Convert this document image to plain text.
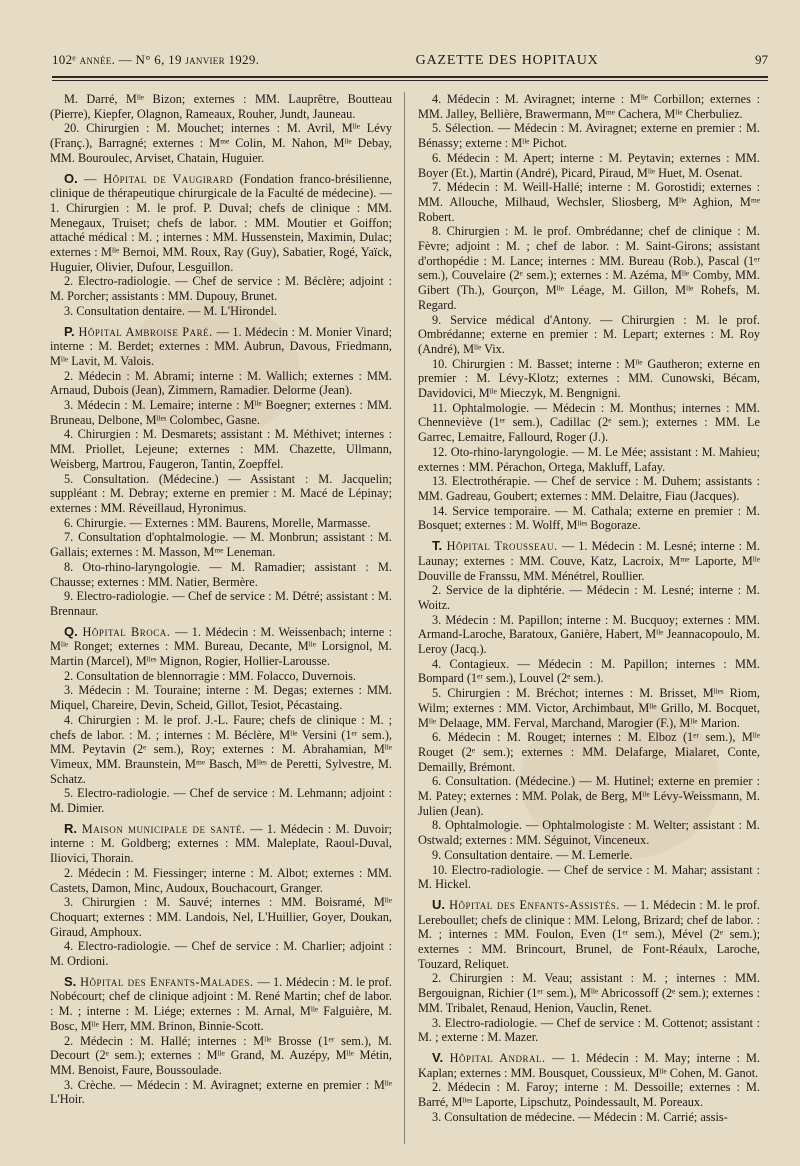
102ᵉ année. — N° 6, 19 janvier 1929.	GAZETTE DES HOPITAUX	97

M. Darré, Mˡˡᵉ Bizon; externes : MM. Lauprêtre, Boutteau (Pierre), Kiepfer, Olagnon, Rameaux, Rouher, Jundt, Jauneau.

20. Chirurgien : M. Mouchet; internes : M. Avril, Mˡˡᵉ Lévy (Franç.), Barragné; externes : Mᵐᵉ Colin, M. Nahon, Mˡˡᵉ Debay, MM. Bouroulec, Arviset, Chatain, Huguier.

O. — Hôpital de Vaugirard (Fondation franco-brésilienne, clinique de thérapeutique chirurgicale de la Faculté de médecine). — 1. Chirurgien : M. le prof. P. Duval; chefs de clinique : MM. Menegaux, Truiset; chefs de labor. : MM. Moutier et Goiffon; attaché médical : M. ; internes : MM. Hussenstein, Maximin, Dulac; externes : Mˡˡᵉ Bernoi, MM. Roux, Ray (Guy), Sabatier, Rogé, Yaïck, Huguier, Olivier, Dufour, Lesguillon.

2. Electro-radiologie. — Chef de service : M. Béclère; adjoint : M. Porcher; assistants : MM. Dupouy, Brunet.

3. Consultation dentaire. — M. L'Hirondel.

P. Hôpital Ambroise Paré. — 1. Médecin : M. Monier Vinard; interne : M. Berdet; externes : MM. Aubrun, Davous, Friedmann, Mˡˡᵉ Lavit, M. Valois.

2. Médecin : M. Abrami; interne : M. Wallich; externes : MM. Arnaud, Dubois (Jean), Zimmern, Ramadier. Delorme (Jean).

3. Médecin : M. Lemaire; interne : Mˡˡᵉ Boegner; externes : MM. Bruneau, Delbone, Mˡˡᵉˢ Colombec, Gasne.

4. Chirurgien : M. Desmarets; assistant : M. Méthivet; internes : MM. Priollet, Lejeune; externes : MM. Chazette, Ullmann, Weisberg, Martrou, Faugeron, Tantin, Zoepffel.

5. Consultation. (Médecine.) — Assistant : M. Jacquelin; suppléant : M. Debray; externe en premier : M. Macé de Lépinay; externes : MM. Réveillaud, Hyronimus.

6. Chirurgie. — Externes : MM. Baurens, Morelle, Marmasse.

7. Consultation d'ophtalmologie. — M. Monbrun; assistant : M. Gallais; externes : M. Masson, Mᵐᵉ Leneman.

8. Oto-rhino-laryngologie. — M. Ramadier; assistant : M. Chausse; externes : MM. Natier, Bermère.

9. Electro-radiologie. — Chef de service : M. Détré; assistant : M. Brennaur.

Q. Hôpital Broca. — 1. Médecin : M. Weissenbach; interne : Mˡˡᵉ Ronget; externes : MM. Bureau, Decante, Mˡˡᵉ Lorsignol, M. Martin (Marcel), Mˡˡᵉˢ Mignon, Rogier, Hollier-Larousse.

2. Consultation de blennorragie : MM. Folacco, Duvernois.

3. Médecin : M. Touraine; interne : M. Degas; externes : MM. Miquel, Chareire, Devin, Scheid, Gillot, Tesiot, Pécastaing.

4. Chirurgien : M. le prof. J.-L. Faure; chefs de clinique : M. ; chefs de labor. : M. ; internes : M. Béclère, Mˡˡᵉ Versini (1ᵉʳ sem.), MM. Peytavin (2ᵉ sem.), Roy; externes : M. Abrahamian, Mˡˡᵉ Vimeux, MM. Braunstein, Mᵐᵉ Basch, Mˡˡᵉˢ de Peretti, Sylvestre, M. Schatz.

5. Electro-radiologie. — Chef de service : M. Lehmann; adjoint : M. Dimier.

R. Maison municipale de santé. — 1. Médecin : M. Duvoir; interne : M. Goldberg; externes : MM. Maleplate, Raoul-Duval, Iliovici, Thorain.

2. Médecin : M. Fiessinger; interne : M. Albot; externes : MM. Castets, Damon, Minc, Audoux, Bouchacourt, Granger.

3. Chirurgien : M. Sauvé; internes : MM. Boisramé, Mˡˡᵉ Choquart; externes : MM. Landois, Nel, L'Huillier, Goyer, Doukan, Giraud, Amphoux.

4. Electro-radiologie. — Chef de service : M. Charlier; adjoint : M. Ordioni.

S. Hôpital des Enfants-Malades. — 1. Médecin : M. le prof. Nobécourt; chef de clinique adjoint : M. René Martin; chef de labor. : M. ; interne : M. Liége; externes : M. Arnal, Mˡˡᵉ Falguière, M. Bosc, Mˡˡᵉ Herr, MM. Brinon, Binnie-Scott.

2. Médecin : M. Hallé; internes : Mˡˡᵉ Brosse (1ᵉʳ sem.), M. Decourt (2ᵉ sem.); externes : Mˡˡᵉ Grand, M. Auzépy, Mˡˡᵉ Métin, MM. Benoist, Faure, Boussoulade.

3. Crèche. — Médecin : M. Aviragnet; externe en premier : Mˡˡᵉ L'Hoir.

4. Médecin : M. Aviragnet; interne : Mˡˡᵉ Corbillon; externes : MM. Jalley, Bellière, Brawermann, Mᵐᵉ Cachera, Mˡˡᵉ Cherbuliez.

5. Sélection. — Médecin : M. Aviragnet; externe en premier : M. Bénassy; externe : Mˡˡᵉ Pichot.

6. Médecin : M. Apert; interne : M. Peytavin; externes : MM. Boyer (Et.), Martin (André), Picard, Piraud, Mˡˡᵉ Huet, M. Osenat.

7. Médecin : M. Weill-Hallé; interne : M. Gorostidi; externes : MM. Allouche, Milhaud, Wechsler, Sliosberg, Mˡˡᵉ Aghion, Mᵐᵉ Robert.

8. Chirurgien : M. le prof. Ombrédanne; chef de clinique : M. Fèvre; adjoint : M. ; chef de labor. : M. Saint-Girons; assistant d'orthopédie : M. Lance; internes : MM. Bureau (Rob.), Pascal (1ᵉʳ sem.), Couvelaire (2ᵉ sem.); externes : M. Azéma, Mˡˡᵉ Comby, MM. Gibert (Th.), Gourçon, Mˡˡᵉ Léage, M. Gillon, Mˡˡᵉ Rohefs, M. Regard.

9. Service médical d'Antony. — Chirurgien : M. le prof. Ombrédanne; externe en premier : M. Lepart; externes : M. Roy (André), Mˡˡᵉ Vix.

10. Chirurgien : M. Basset; interne : Mˡˡᵉ Gautheron; externe en premier : M. Lévy-Klotz; externes : MM. Cunowski, Bécam, Davidovici, Mˡˡᵉ Mieczyk, M. Bengnigni.

11. Ophtalmologie. — Médecin : M. Monthus; internes : MM. Chenneviève (1ᵉʳ sem.), Cadillac (2ᵉ sem.); externes : MM. Le Garrec, Lemaitre, Fallourd, Roger (J.).

12. Oto-rhino-laryngologie. — M. Le Mée; assistant : M. Mahieu; externes : MM. Pérachon, Ortega, Makluff, Lafay.

13. Electrothérapie. — Chef de service : M. Duhem; assistants : MM. Gadreau, Goubert; externes : MM. Delaitre, Fiau (Jacques).

14. Service temporaire. — M. Cathala; externe en premier : M. Bosquet; externes : M. Wolff, Mˡˡᵉˢ Bogoraze.

T. Hôpital Trousseau. — 1. Médecin : M. Lesné; interne : M. Launay; externes : MM. Couve, Katz, Lacroix, Mᵐᵉ Laporte, Mˡˡᵉ Douville de Franssu, MM. Ménétrel, Roullier.

2. Service de la diphtérie. — Médecin : M. Lesné; interne : M. Woitz.

3. Médecin : M. Papillon; interne : M. Bucquoy; externes : MM. Armand-Laroche, Baratoux, Ganière, Habert, Mˡˡᵉ Jeannacopoulo, M. Leroy (Jacq.).

4. Contagieux. — Médecin : M. Papillon; internes : MM. Bompard (1ᵉʳ sem.), Louvel (2ᵉ sem.).

5. Chirurgien : M. Bréchot; internes : M. Brisset, Mˡˡᵉˢ Riom, Wilm; externes : MM. Victor, Archimbaut, Mˡˡᵉ Grillo, M. Bocquet, Mˡˡᵉ Delaage, MM. Ferval, Marchand, Marogier (F.), Mˡˡᵉ Marion.

6. Médecin : M. Rouget; internes : M. Elboz (1ᵉʳ sem.), Mˡˡᵉ Rouget (2ᵉ sem.); externes : MM. Delafarge, Mialaret, Conte, Demailly, Brémont.

6. Consultation. (Médecine.) — M. Hutinel; externe en premier : M. Patey; externes : MM. Polak, de Berg, Mˡˡᵉ Lévy-Weissmann, M. Julien (Jean).

8. Ophtalmologie. — Ophtalmologiste : M. Welter; assistant : M. Ostwald; externes : MM. Séguinot, Vinceneux.

9. Consultation dentaire. — M. Lemerle.

10. Electro-radiologie. — Chef de service : M. Mahar; assistant : M. Hickel.

U. Hôpital des Enfants-Assistés. — 1. Médecin : M. le prof. Lereboullet; chefs de clinique : MM. Lelong, Brizard; chef de labor. : M. ; internes : MM. Foulon, Even (1ᵉʳ sem.), Mével (2ᵉ sem.); externes : MM. Brincourt, Brunel, de Font-Réaulx, Laroche, Touzard, Reliquet.

2. Chirurgien : M. Veau; assistant : M. ; internes : MM. Bergouignan, Richier (1ᵉʳ sem.), Mˡˡᵉ Abricossoff (2ᵉ sem.); externes : MM. Tribalet, Renaud, Henion, Vauclin, Renet.

3. Electro-radiologie. — Chef de service : M. Cottenot; assistant : M. ; externe : M. Mazer.

V. Hôpital Andral. — 1. Médecin : M. May; interne : M. Kaplan; externes : MM. Bousquet, Coussieux, Mˡˡᵉ Cohen, M. Ganot.

2. Médecin : M. Faroy; interne : M. Dessoille; externes : M. Barré, Mˡˡᵉˢ Laporte, Lipschutz, Poindessault, M. Poreaux.

3. Consultation de médecine. — Médecin : M. Carrié; assis-
